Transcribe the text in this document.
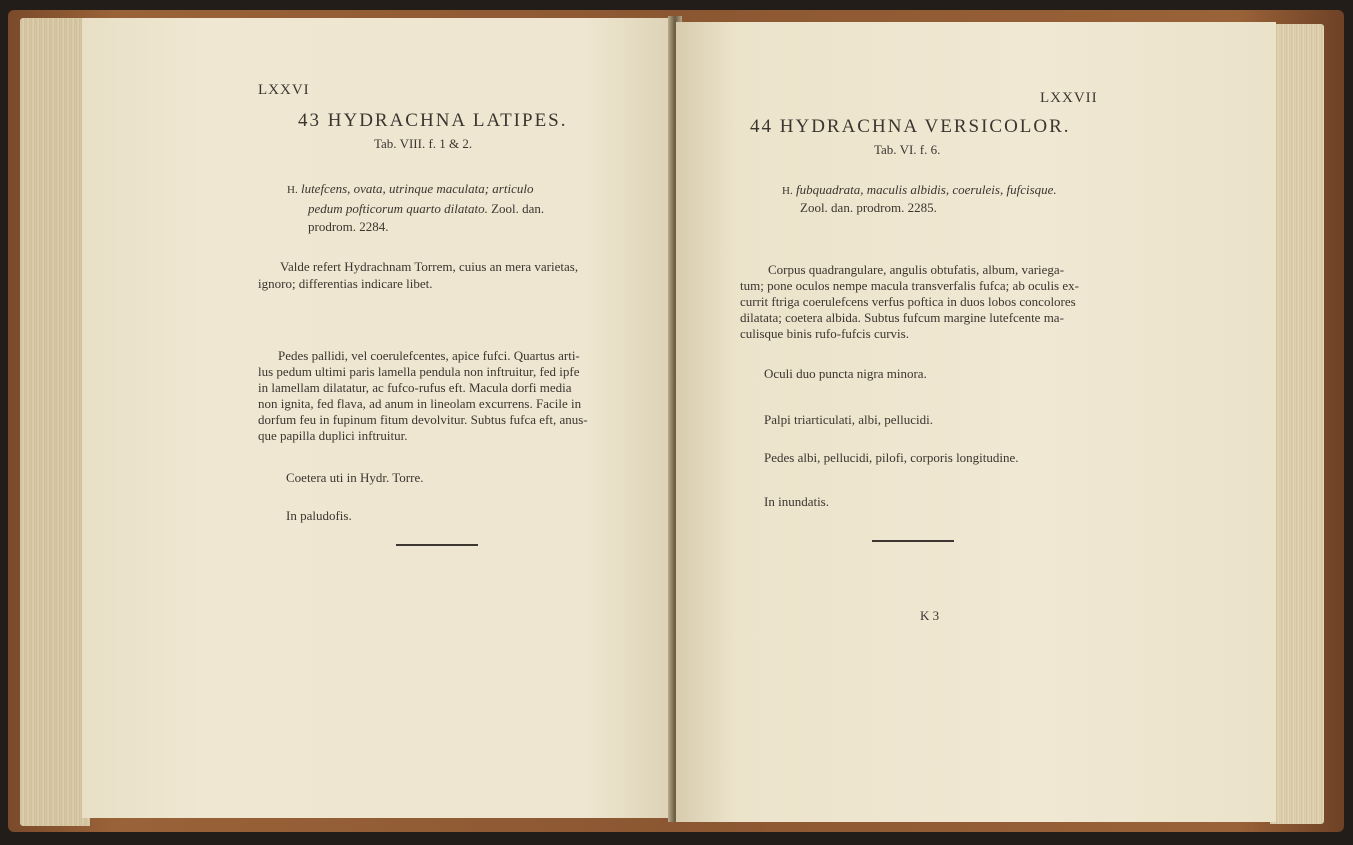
LXXVI
43 HYDRACHNA LATIPES.
Tab. VIII. f. 1 & 2.
H. lutefcens, ovata, utrinque maculata; articulo
pedum pofticorum quarto dilatato. Zool. dan.
prodrom. 2284.
Valde refert Hydrachnam Torrem, cuius an mera varietas,
ignoro; differentias indicare libet.
Pedes pallidi, vel coerulefcentes, apice fufci. Quartus arti-
lus pedum ultimi paris lamella pendula non inftruitur, fed ipfe
in lamellam dilatatur, ac fufco-rufus eft. Macula dorfi media
non ignita, fed flava, ad anum in lineolam excurrens. Facile in
dorfum feu in fupinum fitum devolvitur. Subtus fufca eft, anus-
que papilla duplici inftruitur.
Coetera uti in Hydr. Torre.
In paludofis.
LXXVII
44 HYDRACHNA VERSICOLOR.
Tab. VI. f. 6.
H. fubquadrata, maculis albidis, coeruleis, fufcisque.
Zool. dan. prodrom. 2285.
Corpus quadrangulare, angulis obtufatis, album, variega-
tum; pone oculos nempe macula transverfalis fufca; ab oculis ex-
currit ftriga coerulefcens verfus poftica in duos lobos concolores
dilatata; coetera albida. Subtus fufcum margine lutefcente ma-
culisque binis rufo-fufcis curvis.
Oculi duo puncta nigra minora.
Palpi triarticulati, albi, pellucidi.
Pedes albi, pellucidi, pilofi, corporis longitudine.
In inundatis.
K 3
